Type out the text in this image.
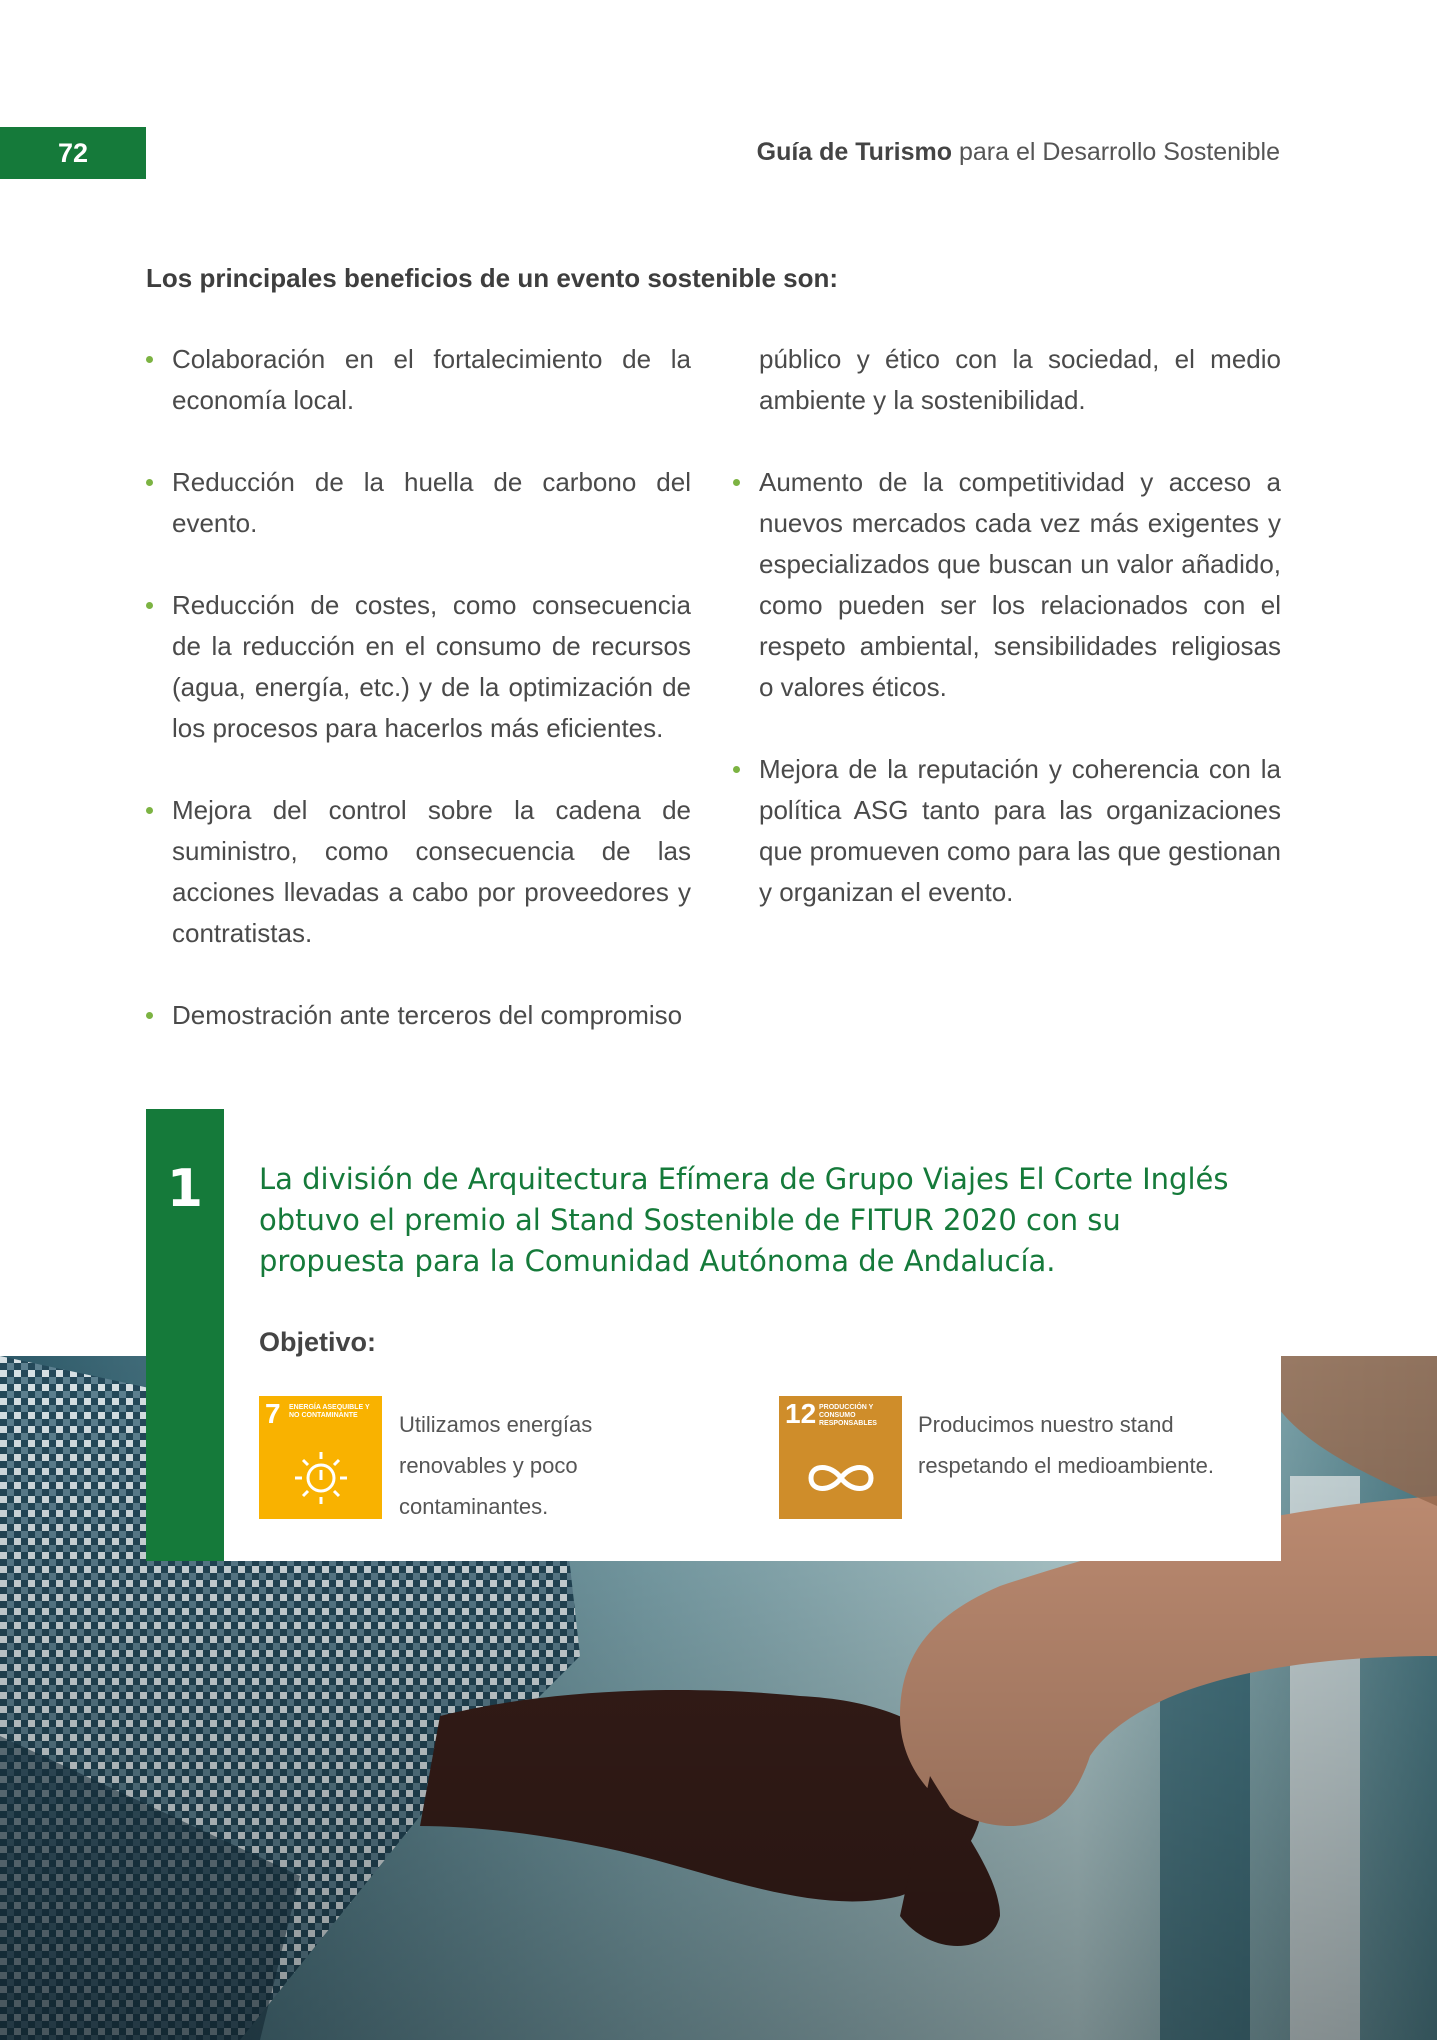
72	Guía de Turismo para el Desarrollo Sostenible
Los principales beneficios de un evento sostenible son:

Colaboración en el fortalecimiento de la economía local.

Reducción de la huella de carbono del evento.

Reducción de costes, como consecuencia de la reducción en el consumo de recursos (agua, energía, etc.) y de la optimización de los procesos para hacerlos más eficientes.

Mejora del control sobre la cadena de suministro, como consecuencia de las acciones llevadas a cabo por proveedores y contratistas.

Demostración ante terceros del compromiso

público y ético con la sociedad, el medio ambiente y la sostenibilidad.

Aumento de la competitividad y acceso a nuevos mercados cada vez más exigentes y especializados que buscan un valor añadido, como pueden ser los relacionados con el respeto ambiental, sensibilidades religiosas o valores éticos.

Mejora de la reputación y coherencia con la política ASG tanto para las organizaciones que promueven como para las que gestionan y organizan el evento.

1	La división de Arquitectura Efímera de Grupo Viajes El Corte Inglés obtuvo el premio al Stand Sostenible de FITUR 2020 con su propuesta para la Comunidad Autónoma de Andalucía.
Objetivo:
7 ENERGÍA ASEQUIBLE Y NO CONTAMINANTE	Utilizamos energías renovables y poco contaminantes.
12 PRODUCCIÓN Y CONSUMO RESPONSABLES	Producimos nuestro stand respetando el medioambiente.
